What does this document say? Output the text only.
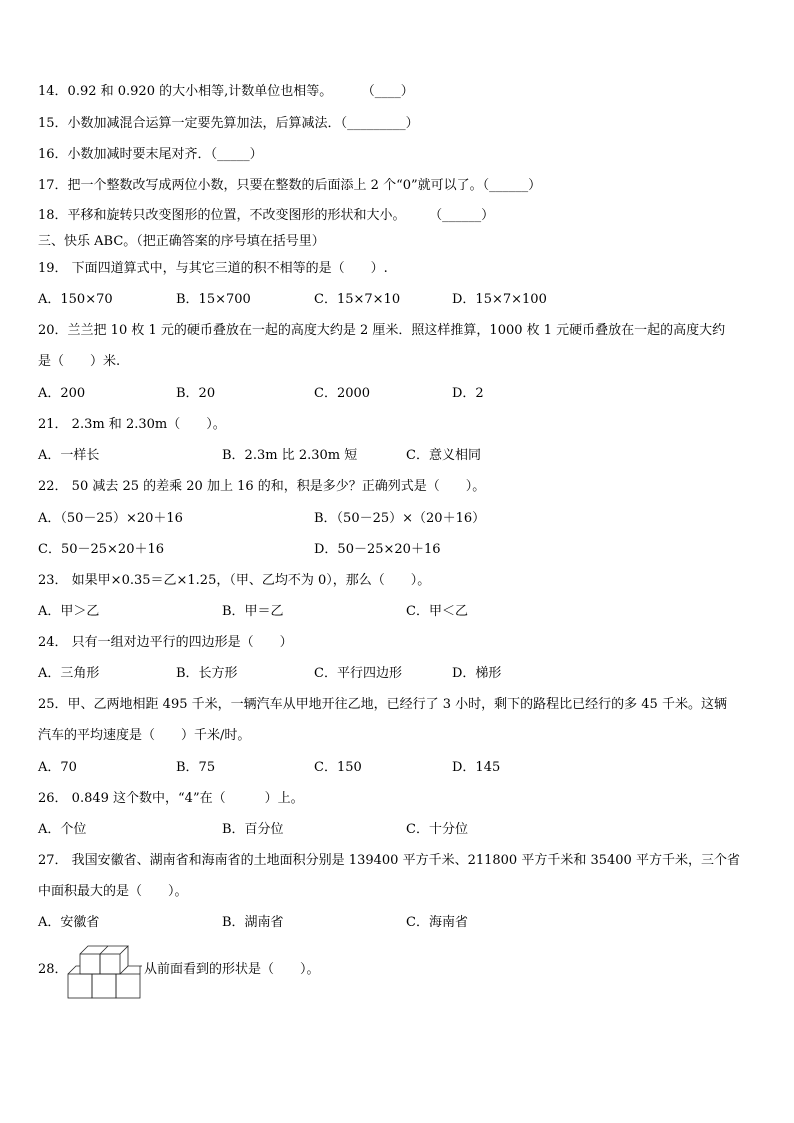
14．0.92 和 0.920 的大小相等,计数单位也相等。	（____）
15．小数加减混合运算一定要先算加法，后算减法．（_________）
16．小数加减时要末尾对齐．（_____）
17．把一个整数改写成两位小数，只要在整数的后面添上 2 个“0”就可以了。（______）
18．平移和旋转只改变图形的位置，不改变图形的形状和大小。 （______）
三、快乐 ABC。（把正确答案的序号填在括号里）
19． 下面四道算式中，与其它三道的积不相等的是（　　）.
A．150×70	B．15×700	C．15×7×10	D．15×7×100
20．兰兰把 10 枚 1 元的硬币叠放在一起的高度大约是 2 厘米．照这样推算，1000 枚 1 元硬币叠放在一起的高度大约
是（　　）米.
A．200	B．20	C．2000	D．2
21． 2.3m 和 2.30m（　　）。
A．一样长	B．2.3m 比 2.30m 短	C．意义相同
22． 50 减去 25 的差乘 20 加上 16 的和，积是多少？正确列式是（　　）。
A．（50－25）×20＋16	B．（50－25）×（20＋16）
C．50－25×20＋16	D．50－25×20＋16
23． 如果甲×0.35＝乙×1.25，（甲、乙均不为 0），那么（　　）。
A．甲＞乙	B．甲＝乙	C．甲＜乙
24． 只有一组对边平行的四边形是（　　）
A．三角形	B．长方形	C．平行四边形	D．梯形
25．甲、乙两地相距 495 千米，一辆汽车从甲地开往乙地，已经行了 3 小时，剩下的路程比已经行的多 45 千米。这辆
汽车的平均速度是（　　）千米/时。
A．70	B．75	C．150	D．145
26． 0.849 这个数中，“4”在（　　　）上。
A．个位	B．百分位	C．十分位
27． 我国安徽省、湖南省和海南省的土地面积分别是 139400 平方千米、211800 平方千米和 35400 平方千米，三个省
中面积最大的是（　　）。
A．安徽省	B．湖南省	C．海南省
28．	从前面看到的形状是（　　）。
